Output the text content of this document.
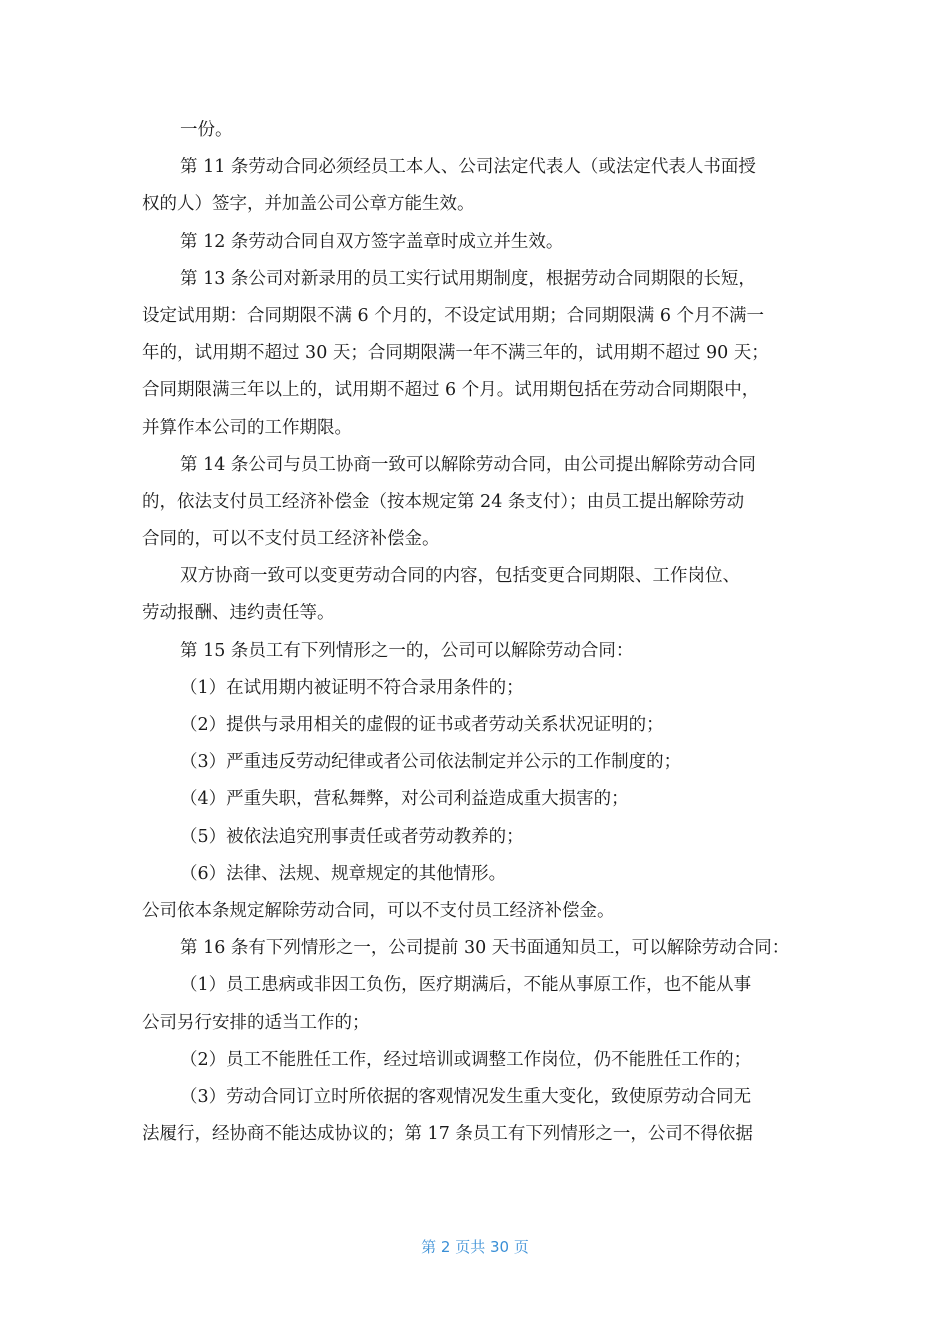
一份。
第 11 条劳动合同必须经员工本人、公司法定代表人（或法定代表人书面授
权的人）签字，并加盖公司公章方能生效。
第 12 条劳动合同自双方签字盖章时成立并生效。
第 13 条公司对新录用的员工实行试用期制度，根据劳动合同期限的长短，
设定试用期：合同期限不满 6 个月的，不设定试用期；合同期限满 6 个月不满一
年的，试用期不超过 30 天；合同期限满一年不满三年的，试用期不超过 90 天；
合同期限满三年以上的，试用期不超过 6 个月。试用期包括在劳动合同期限中，
并算作本公司的工作期限。
第 14 条公司与员工协商一致可以解除劳动合同，由公司提出解除劳动合同
的，依法支付员工经济补偿金（按本规定第 24 条支付）；由员工提出解除劳动
合同的，可以不支付员工经济补偿金。
双方协商一致可以变更劳动合同的内容，包括变更合同期限、工作岗位、
劳动报酬、违约责任等。
第 15 条员工有下列情形之一的，公司可以解除劳动合同：
（1）在试用期内被证明不符合录用条件的；
（2）提供与录用相关的虚假的证书或者劳动关系状况证明的；
（3）严重违反劳动纪律或者公司依法制定并公示的工作制度的；
（4）严重失职，营私舞弊，对公司利益造成重大损害的；
（5）被依法追究刑事责任或者劳动教养的；
（6）法律、法规、规章规定的其他情形。
公司依本条规定解除劳动合同，可以不支付员工经济补偿金。
第 16 条有下列情形之一，公司提前 30 天书面通知员工，可以解除劳动合同：
（1）员工患病或非因工负伤，医疗期满后，不能从事原工作，也不能从事
公司另行安排的适当工作的；
（2）员工不能胜任工作，经过培训或调整工作岗位，仍不能胜任工作的；
（3）劳动合同订立时所依据的客观情况发生重大变化，致使原劳动合同无
法履行，经协商不能达成协议的；第 17 条员工有下列情形之一，公司不得依据
第 2 页共 30 页
